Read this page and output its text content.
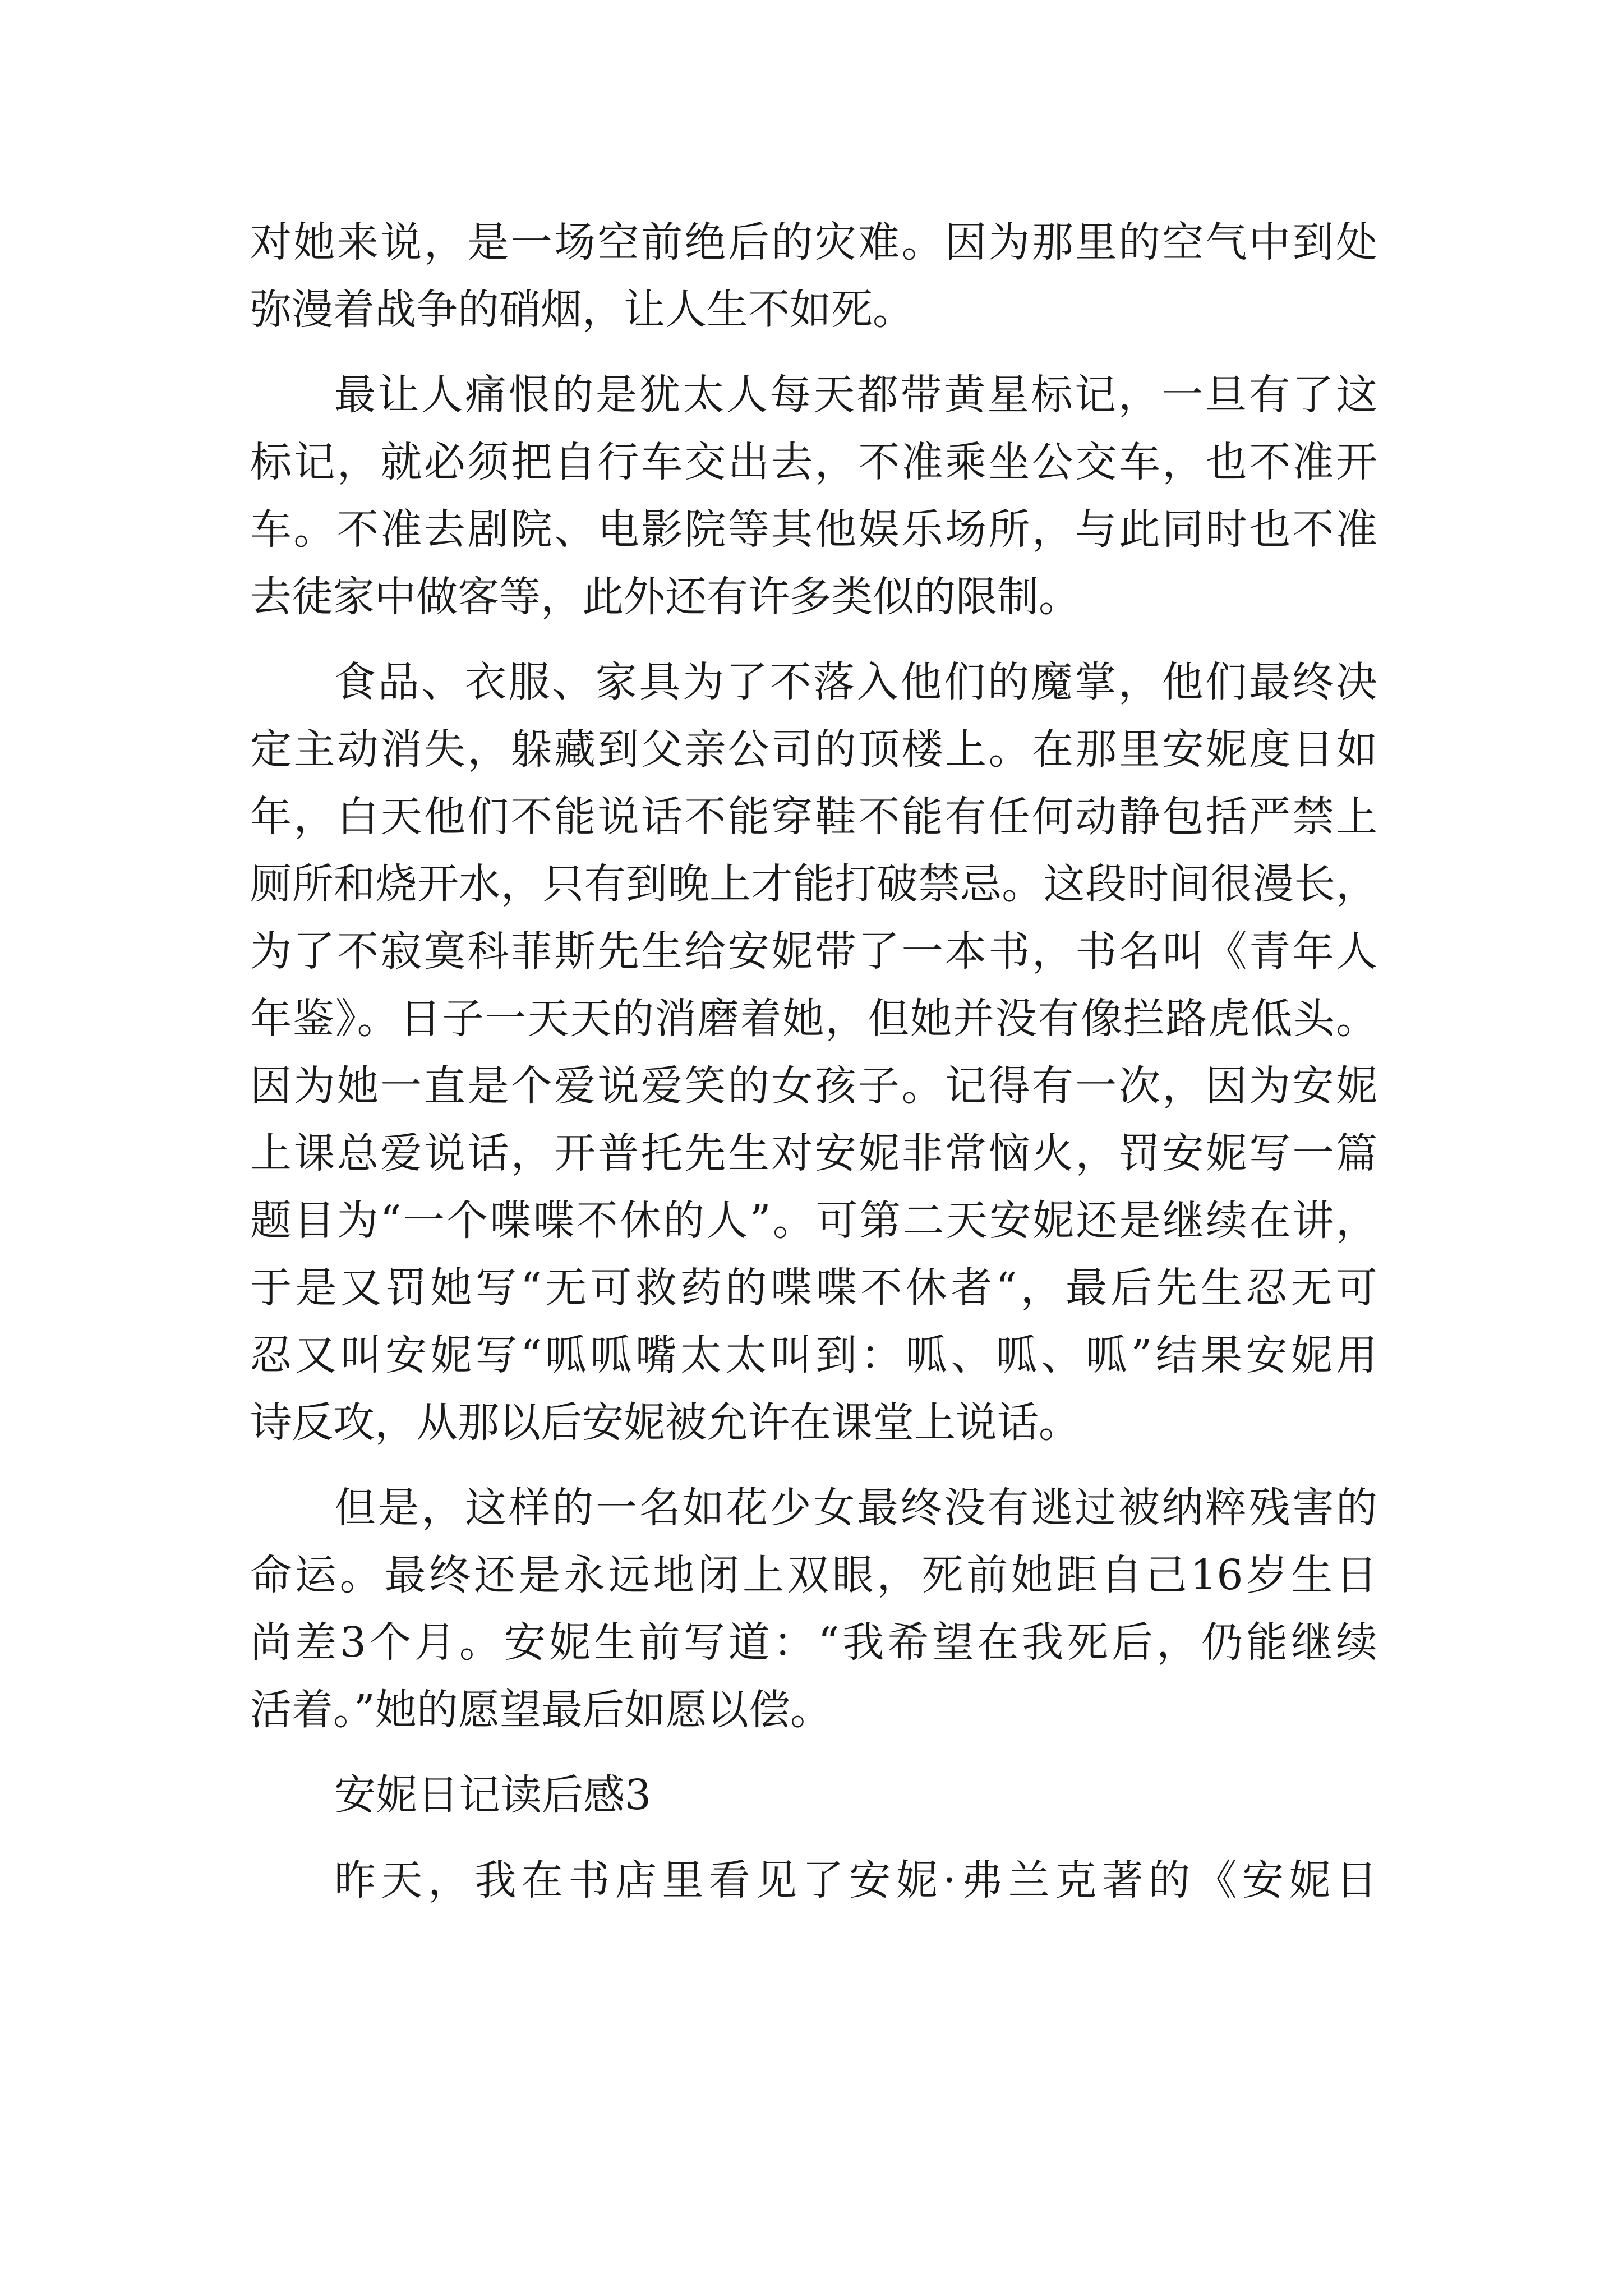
对她来说，是一场空前绝后的灾难。因为那里的空气中到处
弥漫着战争的硝烟，让人生不如死。
最让人痛恨的是犹太人每天都带黄星标记，一旦有了这
标记，就必须把自行车交出去，不准乘坐公交车，也不准开
车。不准去剧院、电影院等其他娱乐场所，与此同时也不准
去徒家中做客等，此外还有许多类似的限制。
食品、衣服、家具为了不落入他们的魔掌，他们最终决
定主动消失，躲藏到父亲公司的顶楼上。在那里安妮度日如
年，白天他们不能说话不能穿鞋不能有任何动静包括严禁上
厕所和烧开水，只有到晚上才能打破禁忌。这段时间很漫长，
为了不寂寞科菲斯先生给安妮带了一本书，书名叫《青年人
年鉴》。日子一天天的消磨着她，但她并没有像拦路虎低头。
因为她一直是个爱说爱笑的女孩子。记得有一次，因为安妮
上课总爱说话，开普托先生对安妮非常恼火，罚安妮写一篇
题目为“一个喋喋不休的人”。可第二天安妮还是继续在讲，
于是又罚她写“无可救药的喋喋不休者“，最后先生忍无可
忍又叫安妮写“呱呱嘴太太叫到：呱、呱、呱”结果安妮用
诗反攻，从那以后安妮被允许在课堂上说话。
但是，这样的一名如花少女最终没有逃过被纳粹残害的
命运。最终还是永远地闭上双眼，死前她距自己16岁生日
尚差3个月。安妮生前写道：“我希望在我死后，仍能继续
活着。”她的愿望最后如愿以偿。
安妮日记读后感3
昨天，我在书店里看见了安妮·弗兰克著的《安妮日
